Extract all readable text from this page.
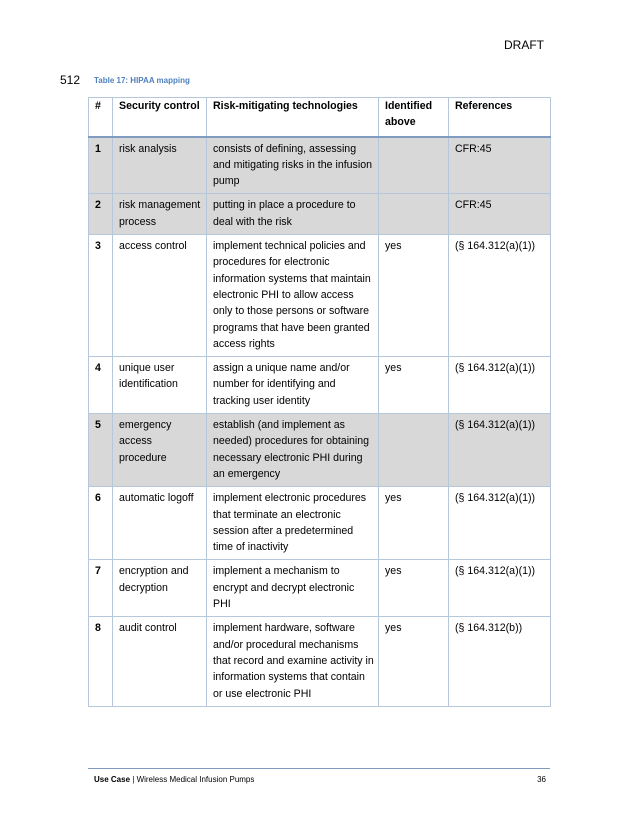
DRAFT
512 Table 17: HIPAA mapping
#	Security control	Risk-mitigating technologies	Identified above	References
1	risk analysis	consists of defining, assessing and mitigating risks in the infusion pump		CFR:45
2	risk management process	putting in place a procedure to deal with the risk		CFR:45
3	access control	implement technical policies and procedures for electronic information systems that maintain electronic PHI to allow access only to those persons or software programs that have been granted access rights	yes	(§ 164.312(a)(1))
4	unique user identification	assign a unique name and/or number for identifying and tracking user identity	yes	(§ 164.312(a)(1))
5	emergency access procedure	establish (and implement as needed) procedures for obtaining necessary electronic PHI during an emergency		(§ 164.312(a)(1))
6	automatic logoff	implement electronic procedures that terminate an electronic session after a predetermined time of inactivity	yes	(§ 164.312(a)(1))
7	encryption and decryption	implement a mechanism to encrypt and decrypt electronic PHI	yes	(§ 164.312(a)(1))
8	audit control	implement hardware, software and/or procedural mechanisms that record and examine activity in information systems that contain or use electronic PHI	yes	(§ 164.312(b))
Use Case | Wireless Medical Infusion Pumps	36
